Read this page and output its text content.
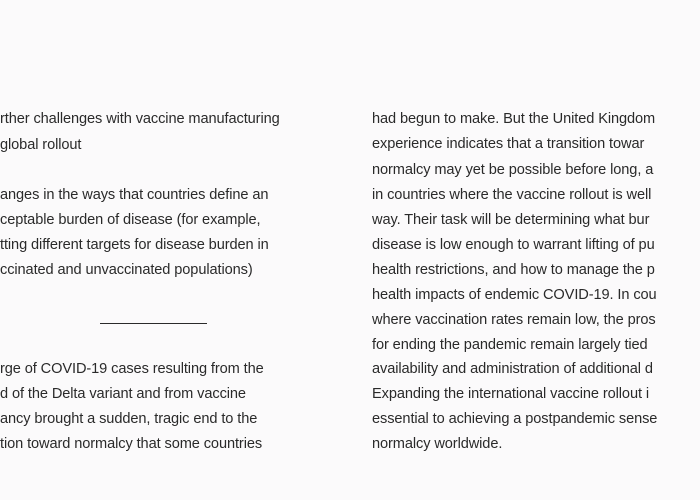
rther challenges with vaccine manufacturing
global rollout
anges in the ways that countries define an
ceptable burden of disease (for example,
tting different targets for disease burden in
ccinated and unvaccinated populations)
rge of COVID-19 cases resulting from the
d of the Delta variant and from vaccine
ancy brought a sudden, tragic end to the
tion toward normalcy that some countries
had begun to make. But the United Kingdom
experience indicates that a transition towar
normalcy may yet be possible before long, a
in countries where the vaccine rollout is well
way. Their task will be determining what bur
disease is low enough to warrant lifting of pu
health restrictions, and how to manage the p
health impacts of endemic COVID-19. In cou
where vaccination rates remain low, the pros
for ending the pandemic remain largely tied
availability and administration of additional d
Expanding the international vaccine rollout i
essential to achieving a postpandemic sense
normalcy worldwide.
